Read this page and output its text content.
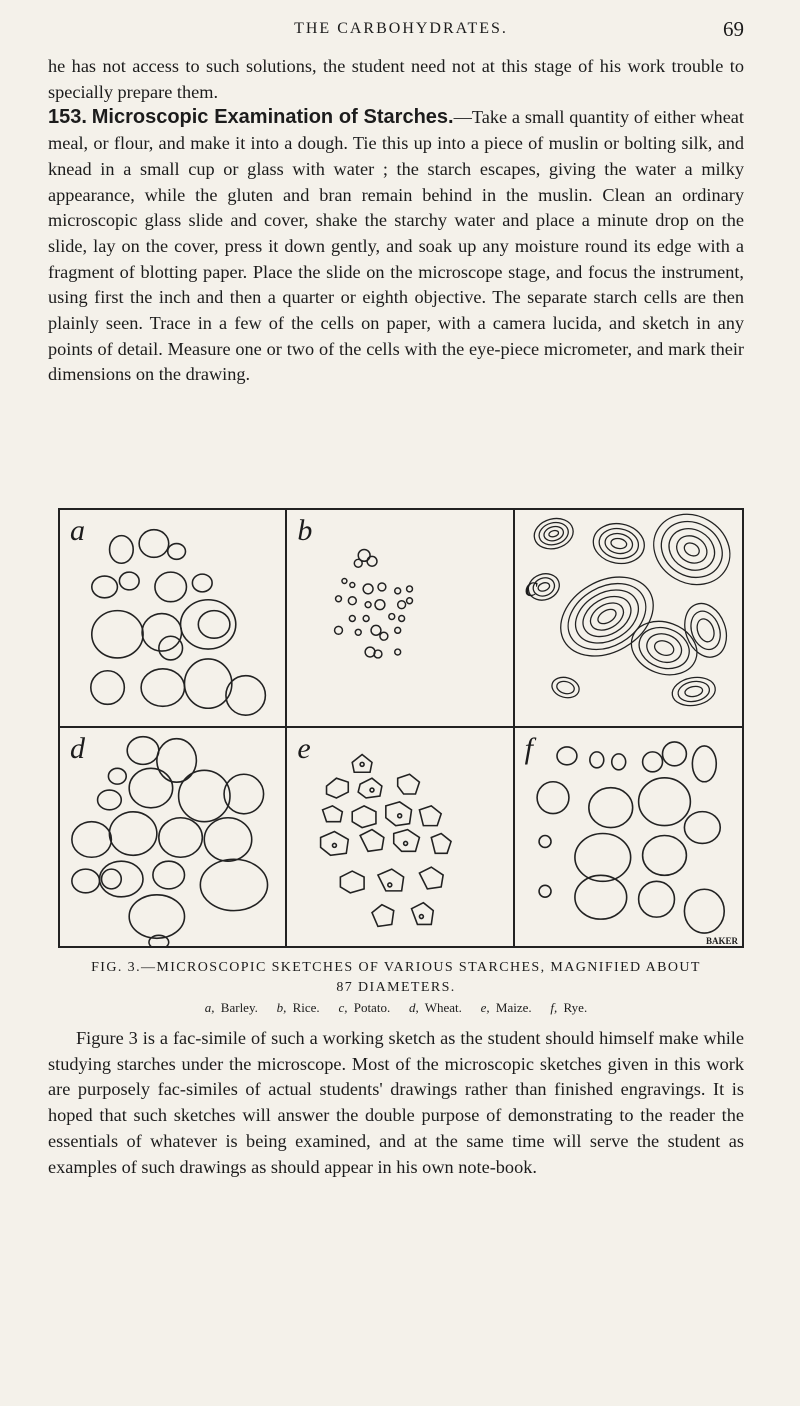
THE CARBOHYDRATES.	69

he has not access to such solutions, the student need not at this stage of his work trouble to specially prepare them.

153. Microscopic Examination of Starches.—Take a small quantity of either wheat meal, or flour, and make it into a dough. Tie this up into a piece of muslin or bolting silk, and knead in a small cup or glass with water ; the starch escapes, giving the water a milky appearance, while the gluten and bran remain behind in the muslin. Clean an ordinary microscopic glass slide and cover, shake the starchy water and place a minute drop on the slide, lay on the cover, press it down gently, and soak up any moisture round its edge with a fragment of blotting paper. Place the slide on the microscope stage, and focus the instrument, using first the inch and then a quarter or eighth objective. The separate starch cells are then plainly seen. Trace in a few of the cells on paper, with a camera lucida, and sketch in any points of detail. Measure one or two of the cells with the eye-piece micrometer, and mark their dimensions on the drawing.

a	b
c
d	e	f
BAKER
FIG. 3.—MICROSCOPIC SKETCHES OF VARIOUS STARCHES, MAGNIFIED ABOUT
87 DIAMETERS.
a, Barley. b, Rice. c, Potato. d, Wheat. e, Maize. f, Rye.

Figure 3 is a fac-simile of such a working sketch as the student should himself make while studying starches under the microscope. Most of the microscopic sketches given in this work are purposely fac-similes of actual students' drawings rather than finished engravings. It is hoped that such sketches will answer the double purpose of demonstrating to the reader the essentials of whatever is being examined, and at the same time will serve the student as examples of such drawings as should appear in his own note-book.
